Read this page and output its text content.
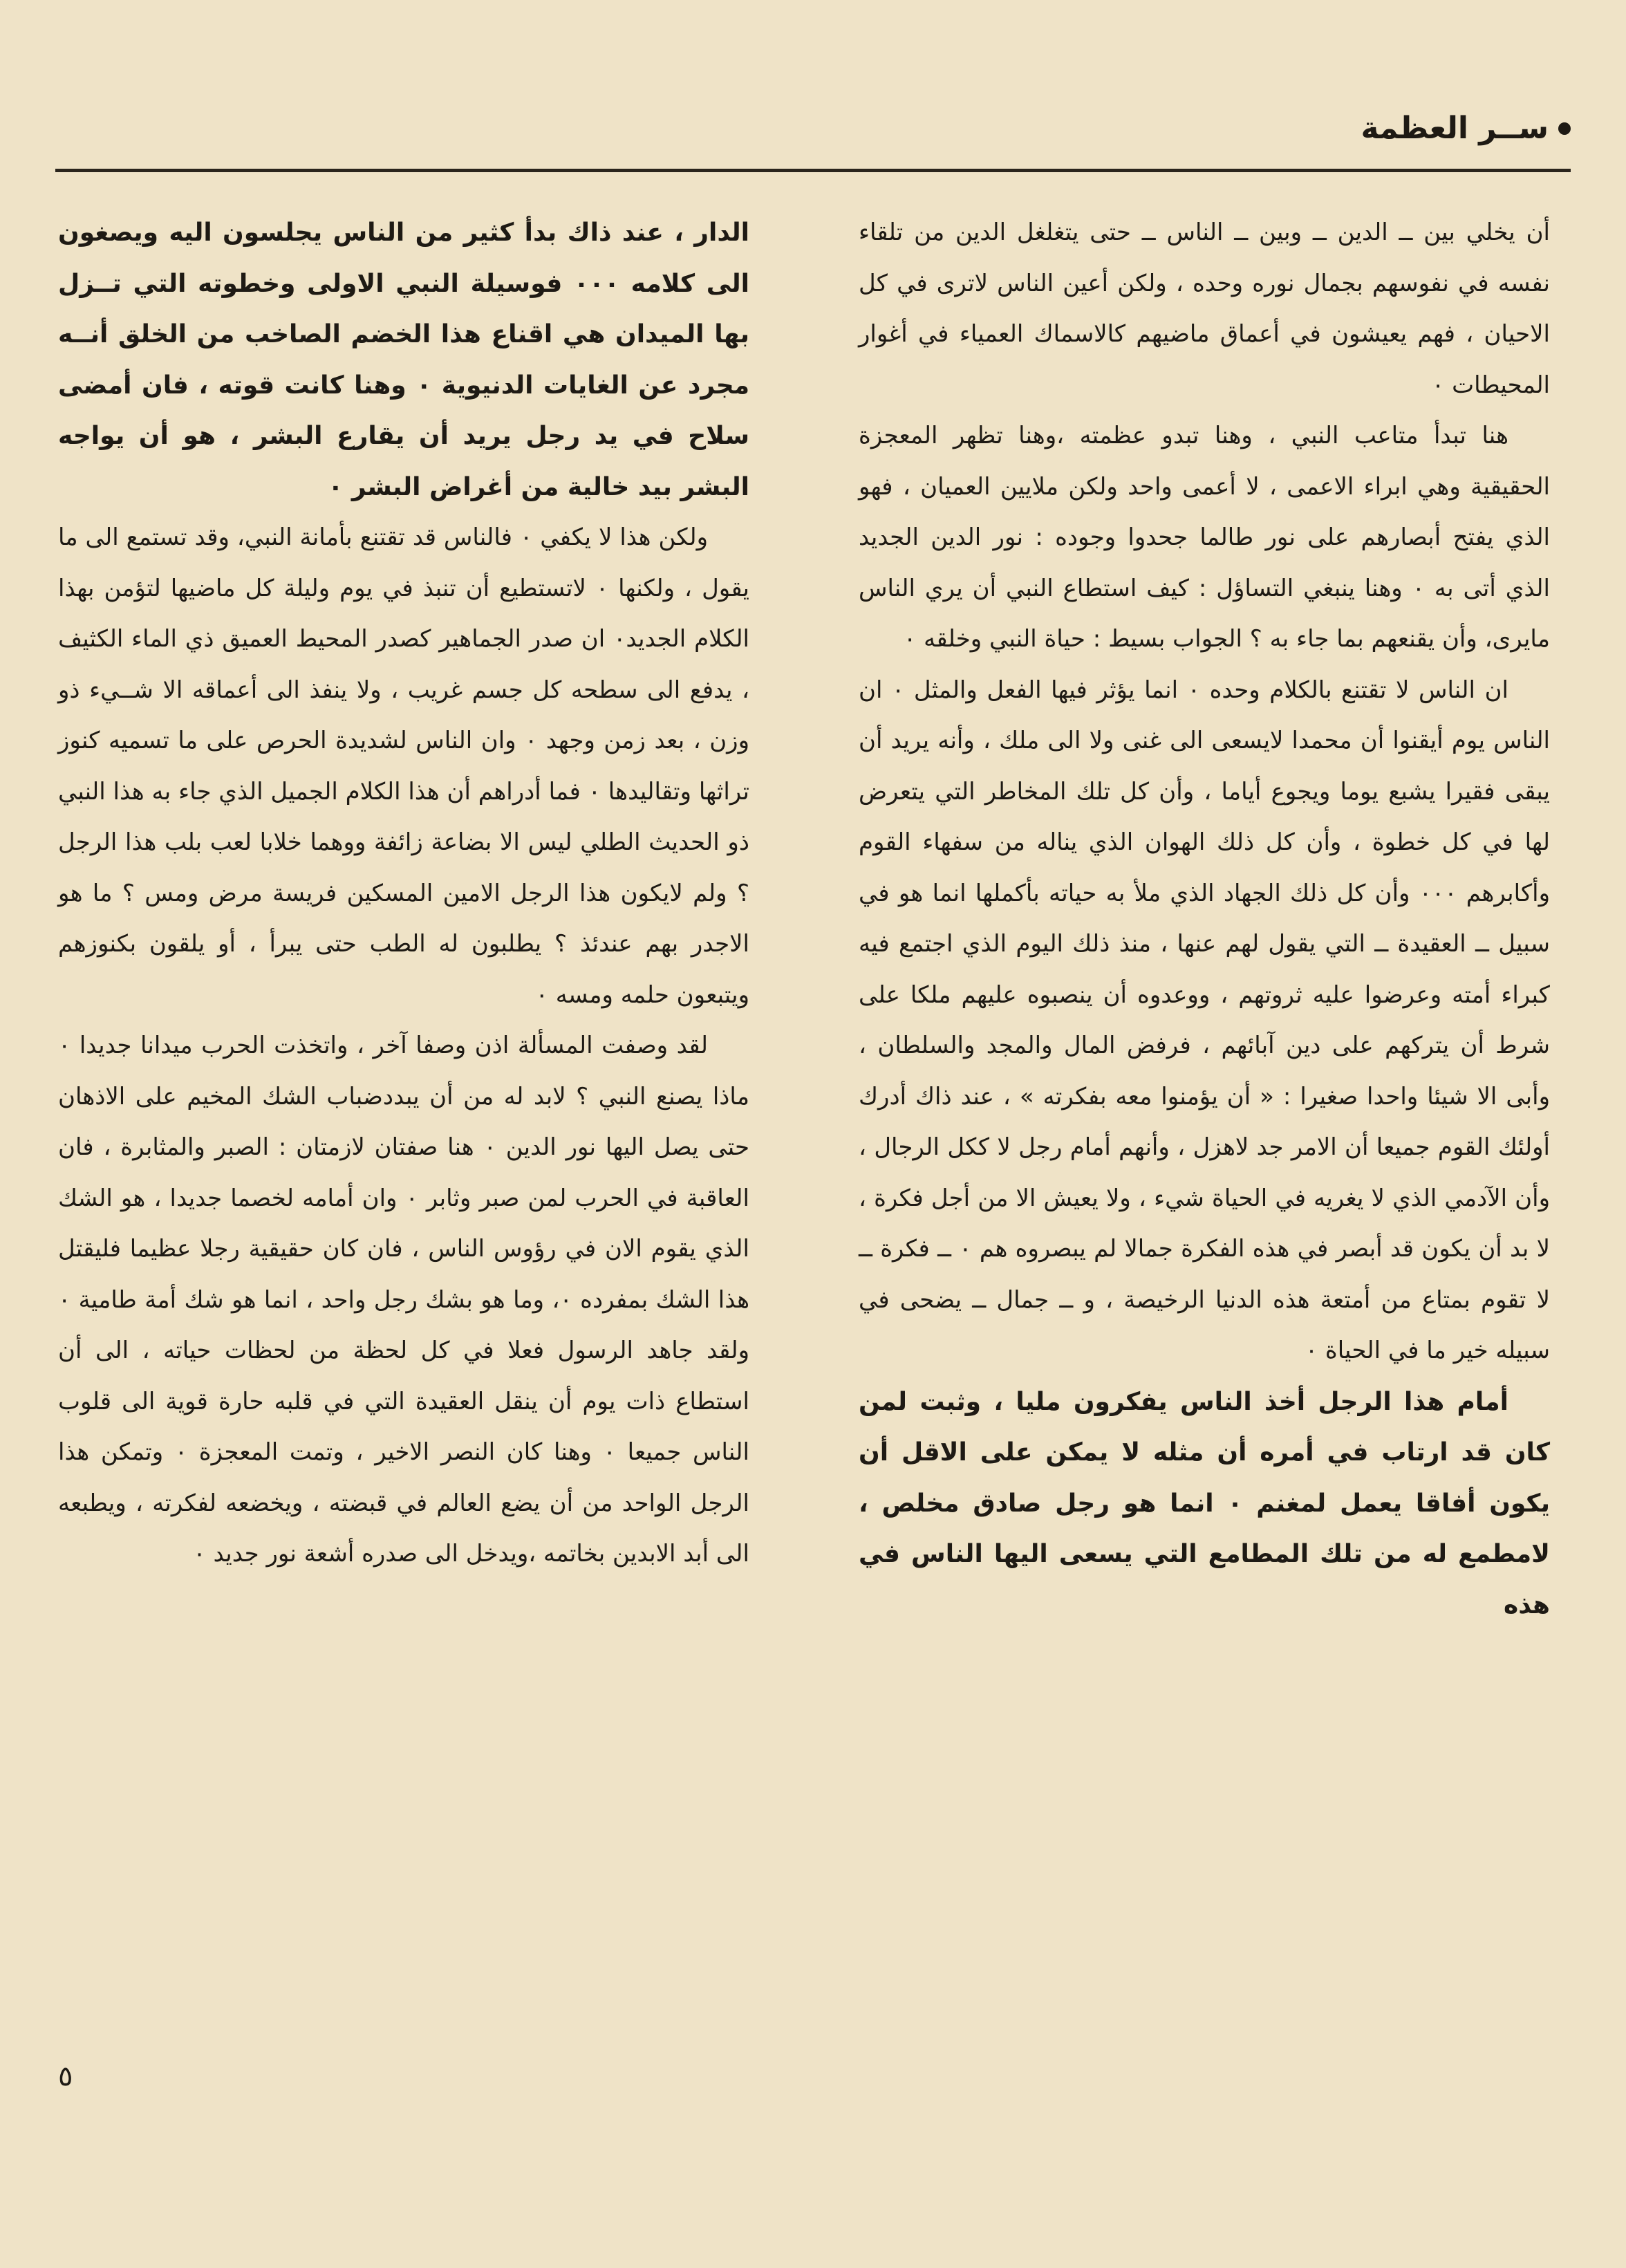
ســر العظمة

أن يخلي بين ــ الدين ــ وبين ــ الناس ــ حتى يتغلغل الدين من تلقاء نفسه في نفوسهم بجمال نوره وحده ، ولكن أعين الناس لاترى في كل الاحيان ، فهم يعيشون في أعماق ماضيهم كالاسماك العمياء في أغوار المحيطات ٠

هنا تبدأ متاعب النبي ، وهنا تبدو عظمته ،وهنا تظهر المعجزة الحقيقية وهي ابراء الاعمى ، لا أعمى واحد ولكن ملايين العميان ، فهو الذي يفتح أبصارهم على نور طالما جحدوا وجوده : نور الدين الجديد الذي أتى به ٠ وهنا ينبغي التساؤل : كيف استطاع النبي أن يري الناس مايرى، وأن يقنعهم بما جاء به ؟ الجواب بسيط : حياة النبي وخلقه ٠

ان الناس لا تقتنع بالكلام وحده ٠ انما يؤثر فيها الفعل والمثل ٠ ان الناس يوم أيقنوا أن محمدا لايسعى الى غنى ولا الى ملك ، وأنه يريد أن يبقى فقيرا يشبع يوما ويجوع أياما ، وأن كل تلك المخاطر التي يتعرض لها في كل خطوة ، وأن كل ذلك الهوان الذي يناله من سفهاء القوم وأكابرهم ٠٠٠ وأن كل ذلك الجهاد الذي ملأ به حياته بأكملها انما هو في سبيل ــ العقيدة ــ التي يقول لهم عنها ، منذ ذلك اليوم الذي اجتمع فيه كبراء أمته وعرضوا عليه ثروتهم ، ووعدوه أن ينصبوه عليهم ملكا على شرط أن يتركهم على دين آبائهم ، فرفض المال والمجد والسلطان ، وأبى الا شيئا واحدا صغيرا : « أن يؤمنوا معه بفكرته » ، عند ذاك أدرك أولئك القوم جميعا أن الامر جد لاهزل ، وأنهم أمام رجل لا ككل الرجال ، وأن الآدمي الذي لا يغريه في الحياة شيء ، ولا يعيش الا من أجل فكرة ، لا بد أن يكون قد أبصر في هذه الفكرة جمالا لم يبصروه هم ٠ ــ فكرة ــ لا تقوم بمتاع من أمتعة هذه الدنيا الرخيصة ، و ــ جمال ــ يضحى في سبيله خير ما في الحياة ٠

أمام هذا الرجل أخذ الناس يفكرون مليا ، وثبت لمن كان قد ارتاب في أمره أن مثله لا يمكن على الاقل أن يكون أفاقا يعمل لمغنم ٠ انما هو رجل صادق مخلص ، لامطمع له من تلك المطامع التي يسعى اليها الناس في هذه

الدار ، عند ذاك بدأ كثير من الناس يجلسون اليه ويصغون الى كلامه ٠٠٠ فوسيلة النبي الاولى وخطوته التي تــزل بها الميدان هي اقناع هذا الخضم الصاخب من الخلق أنــه مجرد عن الغايات الدنيوية ٠ وهنا كانت قوته ، فان أمضى سلاح في يد رجل يريد أن يقارع البشر ، هو أن يواجه البشر بيد خالية من أغراض البشر ٠

ولكن هذا لا يكفي ٠ فالناس قد تقتنع بأمانة النبي، وقد تستمع الى ما يقول ، ولكنها ٠ لاتستطيع أن تنبذ في يوم وليلة كل ماضيها لتؤمن بهذا الكلام الجديد٠ ان صدر الجماهير كصدر المحيط العميق ذي الماء الكثيف ، يدفع الى سطحه كل جسم غريب ، ولا ينفذ الى أعماقه الا شــيء ذو وزن ، بعد زمن وجهد ٠ وان الناس لشديدة الحرص على ما تسميه كنوز تراثها وتقاليدها ٠ فما أدراهم أن هذا الكلام الجميل الذي جاء به هذا النبي ذو الحديث الطلي ليس الا بضاعة زائفة ووهما خلابا لعب بلب هذا الرجل ؟ ولم لايكون هذا الرجل الامين المسكين فريسة مرض ومس ؟ ما هو الاجدر بهم عندئذ ؟ يطلبون له الطب حتى يبرأ ، أو يلقون بكنوزهم ويتبعون حلمه ومسه ٠

لقد وصفت المسألة اذن وصفا آخر ، واتخذت الحرب ميدانا جديدا ٠ ماذا يصنع النبي ؟ لابد له من أن يبددضباب الشك المخيم على الاذهان حتى يصل اليها نور الدين ٠ هنا صفتان لازمتان : الصبر والمثابرة ، فان العاقبة في الحرب لمن صبر وثابر ٠ وان أمامه لخصما جديدا ، هو الشك الذي يقوم الان في رؤوس الناس ، فان كان حقيقية رجلا عظيما فليقتل هذا الشك بمفرده ٠، وما هو بشك رجل واحد ، انما هو شك أمة طامية ٠ ولقد جاهد الرسول فعلا في كل لحظة من لحظات حياته ، الى أن استطاع ذات يوم أن ينقل العقيدة التي في قلبه حارة قوية الى قلوب الناس جميعا ٠ وهنا كان النصر الاخير ، وتمت المعجزة ٠ وتمكن هذا الرجل الواحد من أن يضع العالم في قبضته ، ويخضعه لفكرته ، ويطبعه الى أبد الابدين بخاتمه ،ويدخل الى صدره أشعة نور جديد ٠

٥
